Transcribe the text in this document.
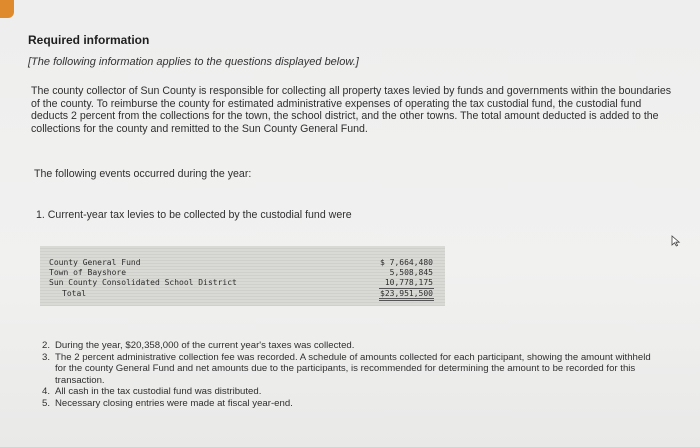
Required information
[The following information applies to the questions displayed below.]
The county collector of Sun County is responsible for collecting all property taxes levied by funds and governments within the boundaries of the county. To reimburse the county for estimated administrative expenses of operating the tax custodial fund, the custodial fund deducts 2 percent from the collections for the town, the school district, and the other towns. The total amount deducted is added to the collections for the county and remitted to the Sun County General Fund.
The following events occurred during the year:
1. Current-year tax levies to be collected by the custodial fund were
County General Fund	$ 7,664,480
Town of Bayshore	5,508,845
Sun County Consolidated School District	10,778,175
Total	$23,951,500
2. During the year, $20,358,000 of the current year's taxes was collected.
3. The 2 percent administrative collection fee was recorded. A schedule of amounts collected for each participant, showing the amount withheld for the county General Fund and net amounts due to the participants, is recommended for determining the amount to be recorded for this transaction.
4. All cash in the tax custodial fund was distributed.
5. Necessary closing entries were made at fiscal year-end.
